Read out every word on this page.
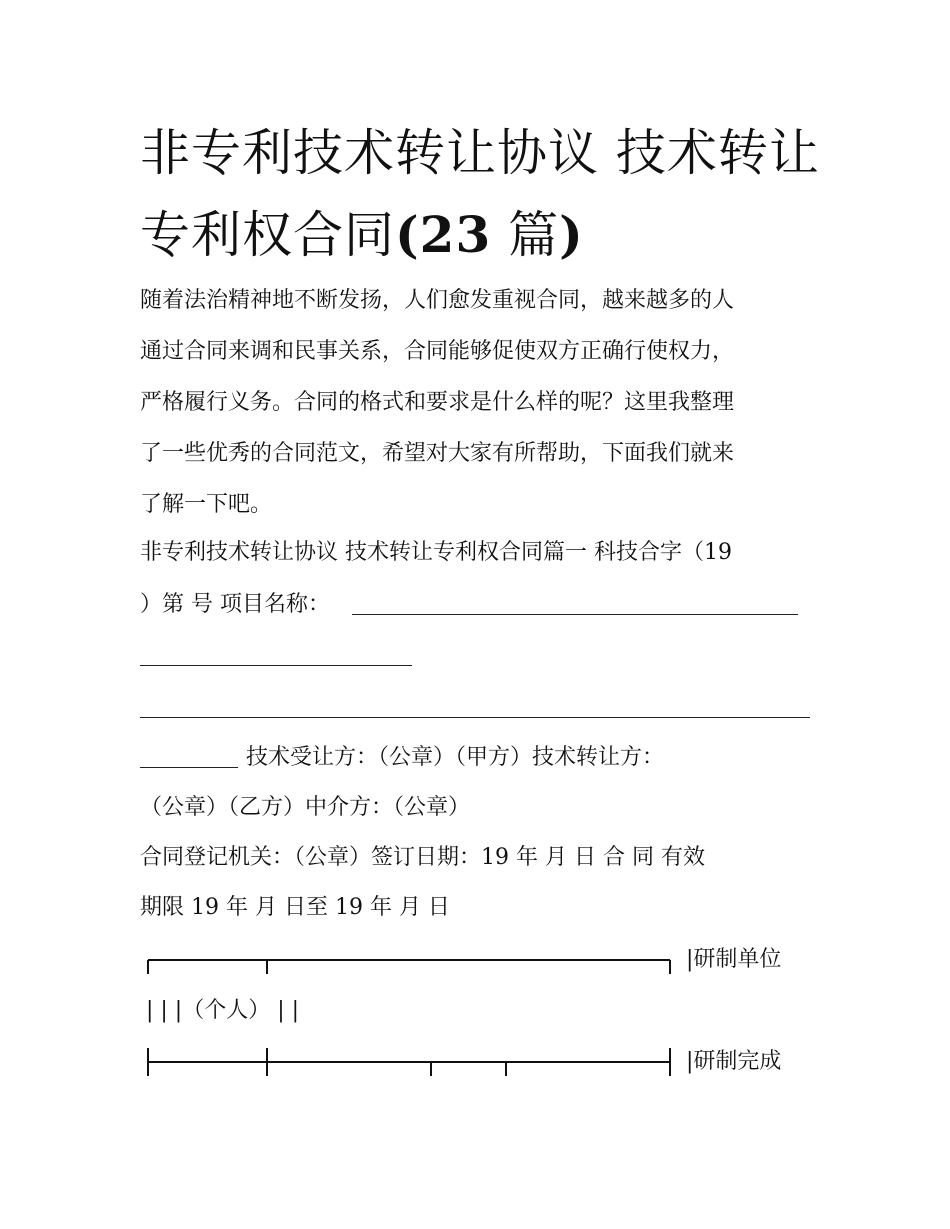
非专利技术转让协议 技术转让
专利权合同(23 篇)
随着法治精神地不断发扬，人们愈发重视合同，越来越多的人
通过合同来调和民事关系，合同能够促使双方正确行使权力，
严格履行义务。合同的格式和要求是什么样的呢？这里我整理
了一些优秀的合同范文，希望对大家有所帮助，下面我们就来
了解一下吧。
非专利技术转让协议 技术转让专利权合同篇一 科技合字（19
）第 号 项目名称：
技术受让方：（公章）（甲方）技术转让方：
（公章）（乙方）中介方：（公章）
合同登记机关：（公章）签订日期：19 年 月 日 合 同 有效
期限 19 年 月 日至 19 年 月 日
|研制单位
| | |（个人） | |
|研制完成
